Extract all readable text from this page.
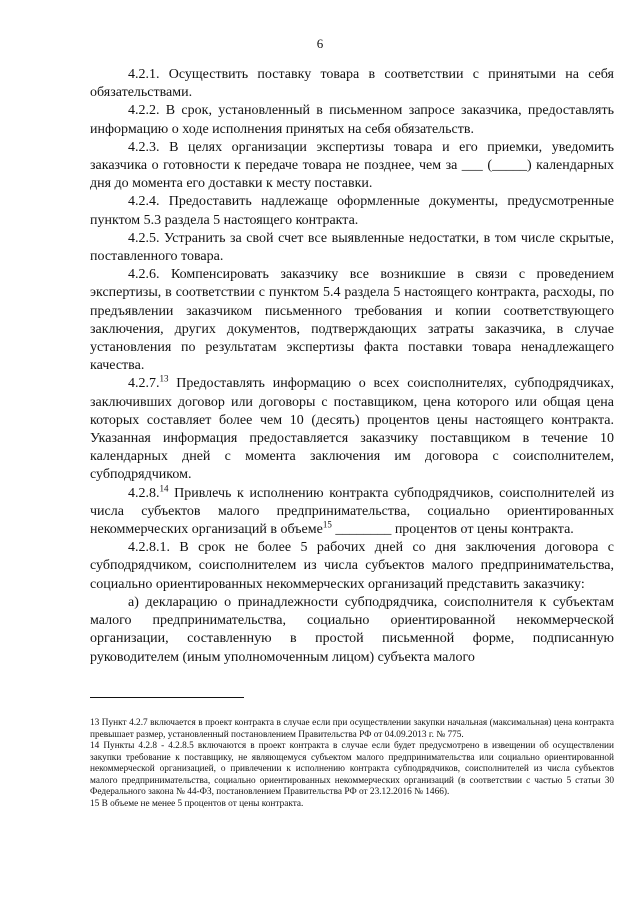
6

4.2.1. Осуществить поставку товара в соответствии с принятыми на себя обязательствами.

4.2.2. В срок, установленный в письменном запросе заказчика, предоставлять информацию о ходе исполнения принятых на себя обязательств.

4.2.3. В целях организации экспертизы товара и его приемки, уведомить заказчика о готовности к передаче товара не позднее, чем за ___ (_____) календарных дня до момента его доставки к месту поставки.

4.2.4. Предоставить надлежаще оформленные документы, предусмотренные пунктом 5.3 раздела 5 настоящего контракта.

4.2.5. Устранить за свой счет все выявленные недостатки, в том числе скрытые, поставленного товара.

4.2.6. Компенсировать заказчику все возникшие в связи с проведением экспертизы, в соответствии с пунктом 5.4 раздела 5 настоящего контракта, расходы, по предъявлении заказчиком письменного требования и копии соответствующего заключения, других документов, подтверждающих затраты заказчика, в случае установления по результатам экспертизы факта поставки товара ненадлежащего качества.

4.2.7.13 Предоставлять информацию о всех соисполнителях, субподрядчиках, заключивших договор или договоры с поставщиком, цена которого или общая цена которых составляет более чем 10 (десять) процентов цены настоящего контракта. Указанная информация предоставляется заказчику поставщиком в течение 10 календарных дней с момента заключения им договора с соисполнителем, субподрядчиком.

4.2.8.14 Привлечь к исполнению контракта субподрядчиков, соисполнителей из числа субъектов малого предпринимательства, социально ориентированных некоммерческих организаций в объеме$^{15}$ ________ процентов от цены контракта.

4.2.8.1. В срок не более 5 рабочих дней со дня заключения договора с субподрядчиком, соисполнителем из числа субъектов малого предпринимательства, социально ориентированных некоммерческих организаций представить заказчику:

а) декларацию о принадлежности субподрядчика, соисполнителя к субъектам малого предпринимательства, социально ориентированной некоммерческой организации, составленную в простой письменной форме, подписанную руководителем (иным уполномоченным лицом) субъекта малого

13 Пункт 4.2.7 включается в проект контракта в случае если при осуществлении закупки начальная (максимальная) цена контракта превышает размер, установленный постановлением Правительства РФ от 04.09.2013 г. № 775.

14 Пункты 4.2.8 - 4.2.8.5 включаются в проект контракта в случае если будет предусмотрено в извещении об осуществлении закупки требование к поставщику, не являющемуся субъектом малого предпринимательства или социально ориентированной некоммерческой организацией, о привлечении к исполнению контракта субподрядчиков, соисполнителей из числа субъектов малого предпринимательства, социально ориентированных некоммерческих организаций (в соответствии с частью 5 статьи 30 Федерального закона № 44-ФЗ, постановлением Правительства РФ от 23.12.2016 № 1466).

15 В объеме не менее 5 процентов от цены контракта.
